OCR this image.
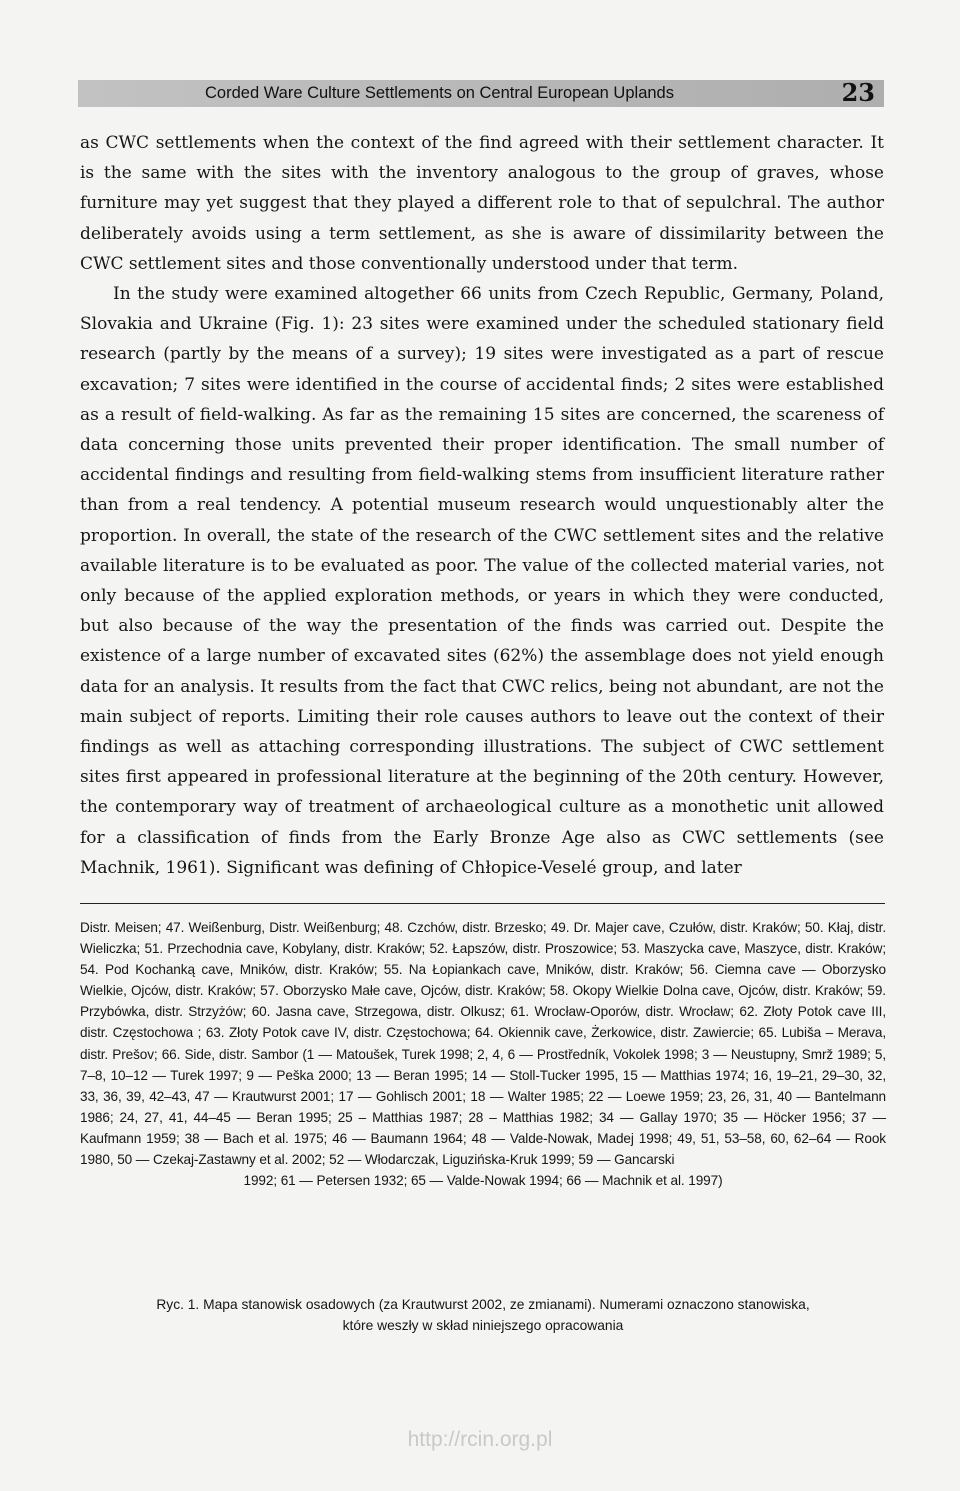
Corded Ware Culture Settlements on Central European Uplands	23

as CWC settlements when the context of the find agreed with their settlement character. It is the same with the sites with the inventory analogous to the group of graves, whose furniture may yet suggest that they played a different role to that of sepulchral. The author deliberately avoids using a term settlement, as she is aware of dissimilarity between the CWC settlement sites and those conventionally understood under that term.

In the study were examined altogether 66 units from Czech Republic, Germany, Poland, Slovakia and Ukraine (Fig. 1): 23 sites were examined under the scheduled stationary field research (partly by the means of a survey); 19 sites were investigated as a part of rescue excavation; 7 sites were identified in the course of accidental finds; 2 sites were established as a result of field-walking. As far as the remaining 15 sites are concerned, the scareness of data concerning those units prevented their proper identification. The small number of accidental findings and resulting from field-walking stems from insufficient literature rather than from a real tendency. A potential museum research would unquestionably alter the proportion. In overall, the state of the research of the CWC settlement sites and the relative available literature is to be evaluated as poor. The value of the collected material varies, not only because of the applied exploration methods, or years in which they were conducted, but also because of the way the presentation of the finds was carried out. Despite the existence of a large number of excavated sites (62%) the assemblage does not yield enough data for an analysis. It results from the fact that CWC relics, being not abundant, are not the main subject of reports. Limiting their role causes authors to leave out the context of their findings as well as attaching corresponding illustrations. The subject of CWC settlement sites first appeared in professional literature at the beginning of the 20th century. However, the contemporary way of treatment of archaeological culture as a monothetic unit allowed for a classification of finds from the Early Bronze Age also as CWC settlements (see Machnik, 1961). Significant was defining of Chłopice-Veselé group, and later

Distr. Meisen; 47. Weißenburg, Distr. Weißenburg; 48. Czchów, distr. Brzesko; 49. Dr. Majer cave, Czułów, distr. Kraków; 50. Kłaj, distr. Wieliczka; 51. Przechodnia cave, Kobylany, distr. Kraków; 52. Łapszów, distr. Proszowice; 53. Maszycka cave, Maszyce, distr. Kraków; 54. Pod Kochanką cave, Mników, distr. Kraków; 55. Na Łopiankach cave, Mników, distr. Kraków; 56. Ciemna cave — Oborzysko Wielkie, Ojców, distr. Kraków; 57. Oborzysko Małe cave, Ojców, distr. Kraków; 58. Okopy Wielkie Dolna cave, Ojców, distr. Kraków; 59. Przybówka, distr. Strzyżów; 60. Jasna cave, Strzegowa, distr. Olkusz; 61. Wrocław-Oporów, distr. Wrocław; 62. Złoty Potok cave III, distr. Częstochowa ; 63. Złoty Potok cave IV, distr. Częstochowa; 64. Okiennik cave, Żerkowice, distr. Zawiercie; 65. Lubiša – Merava, distr. Prešov; 66. Side, distr. Sambor (1 — Matoušek, Turek 1998; 2, 4, 6 — Prostředník, Vokolek 1998; 3 — Neustupny, Smrž 1989; 5, 7–8, 10–12 — Turek 1997; 9 — Peška 2000; 13 — Beran 1995; 14 — Stoll-Tucker 1995, 15 — Matthias 1974; 16, 19–21, 29–30, 32, 33, 36, 39, 42–43, 47 — Krautwurst 2001; 17 — Gohlisch 2001; 18 — Walter 1985; 22 — Loewe 1959; 23, 26, 31, 40 — Bantelmann 1986; 24, 27, 41, 44–45 — Beran 1995; 25 – Matthias 1987; 28 – Matthias 1982; 34 — Gallay 1970; 35 — Höcker 1956; 37 — Kaufmann 1959; 38 — Bach et al. 1975; 46 — Baumann 1964; 48 — Valde-Nowak, Madej 1998; 49, 51, 53–58, 60, 62–64 — Rook 1980, 50 — Czekaj-Zastawny et al. 2002; 52 — Włodarczak, Liguzińska-Kruk 1999; 59 — Gancarski
1992; 61 — Petersen 1932; 65 — Valde-Nowak 1994; 66 — Machnik et al. 1997)
Ryc. 1. Mapa stanowisk osadowych (za Krautwurst 2002, ze zmianami). Numerami oznaczono stanowiska,
które weszły w skład niniejszego opracowania
http://rcin.org.pl
